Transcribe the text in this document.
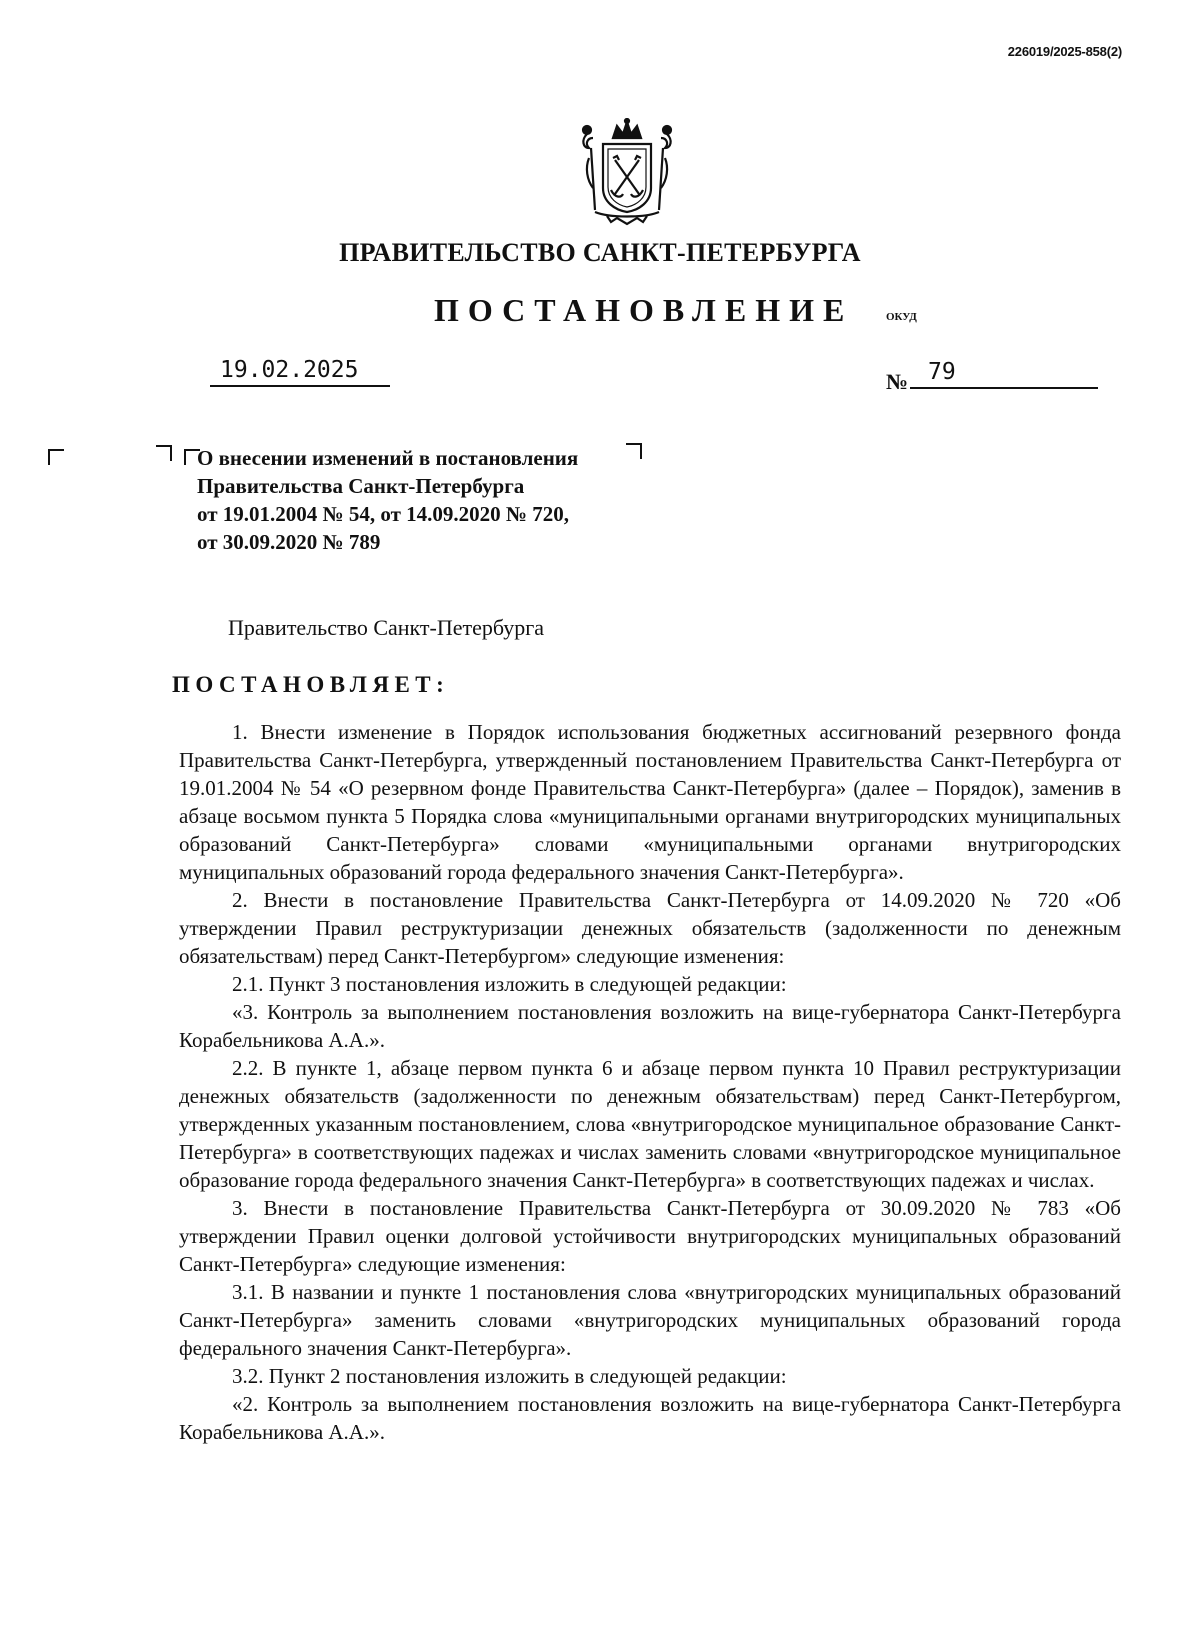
226019/2025-858(2)
ПРАВИТЕЛЬСТВО САНКТ-ПЕТЕРБУРГА
ПОСТАНОВЛЕНИЕ	ОКУД
19.02.2025	№ 79
О внесении изменений в постановления
Правительства Санкт-Петербурга
от 19.01.2004 № 54, от 14.09.2020 № 720,
от 30.09.2020 № 789
Правительство Санкт-Петербурга
ПОСТАНОВЛЯЕТ:

1. Внести изменение в Порядок использования бюджетных ассигнований резервного фонда Правительства Санкт-Петербурга, утвержденный постановлением Правительства Санкт-Петербурга от 19.01.2004 № 54 «О резервном фонде Правительства Санкт-Петербурга» (далее – Порядок), заменив в абзаце восьмом пункта 5 Порядка слова «муниципальными органами внутригородских муниципальных образований Санкт-Петербурга» словами «муниципальными органами внутригородских муниципальных образований города федерального значения Санкт-Петербурга».

2. Внести в постановление Правительства Санкт-Петербурга от 14.09.2020 № 720 «Об утверждении Правил реструктуризации денежных обязательств (задолженности по денежным обязательствам) перед Санкт-Петербургом» следующие изменения:

2.1. Пункт 3 постановления изложить в следующей редакции:

«3. Контроль за выполнением постановления возложить на вице-губернатора Санкт-Петербурга Корабельникова А.А.».

2.2. В пункте 1, абзаце первом пункта 6 и абзаце первом пункта 10 Правил реструктуризации денежных обязательств (задолженности по денежным обязательствам) перед Санкт-Петербургом, утвержденных указанным постановлением, слова «внутригородское муниципальное образование Санкт-Петербурга» в соответствующих падежах и числах заменить словами «внутригородское муниципальное образование города федерального значения Санкт-Петербурга» в соответствующих падежах и числах.

3. Внести в постановление Правительства Санкт-Петербурга от 30.09.2020 № 783 «Об утверждении Правил оценки долговой устойчивости внутригородских муниципальных образований Санкт-Петербурга» следующие изменения:

3.1. В названии и пункте 1 постановления слова «внутригородских муниципальных образований Санкт-Петербурга» заменить словами «внутригородских муниципальных образований города федерального значения Санкт-Петербурга».

3.2. Пункт 2 постановления изложить в следующей редакции:

«2. Контроль за выполнением постановления возложить на вице-губернатора Санкт-Петербурга Корабельникова А.А.».
